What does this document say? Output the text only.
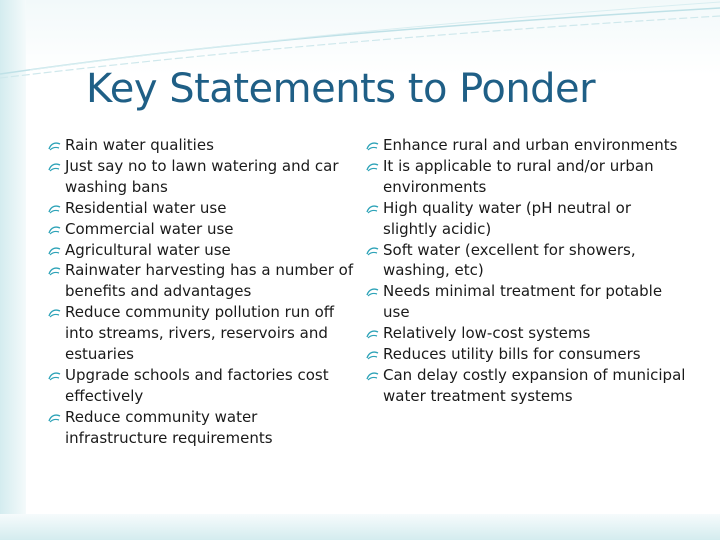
Key Statements to Ponder
Rain water qualities
Just say no to lawn watering and car washing bans
Residential water use
Commercial water use
Agricultural water use
Rainwater harvesting has a number of benefits and advantages
Reduce community pollution run off into streams, rivers, reservoirs and estuaries
Upgrade schools and factories cost effectively
Reduce community water infrastructure requirements
Enhance rural and urban environments
It is applicable to rural and/or urban environments
High quality water (pH neutral or slightly acidic)
Soft water (excellent for showers, washing, etc)
Needs minimal treatment for potable use
Relatively low-cost systems
Reduces utility bills for consumers
Can delay costly expansion of municipal water treatment systems
